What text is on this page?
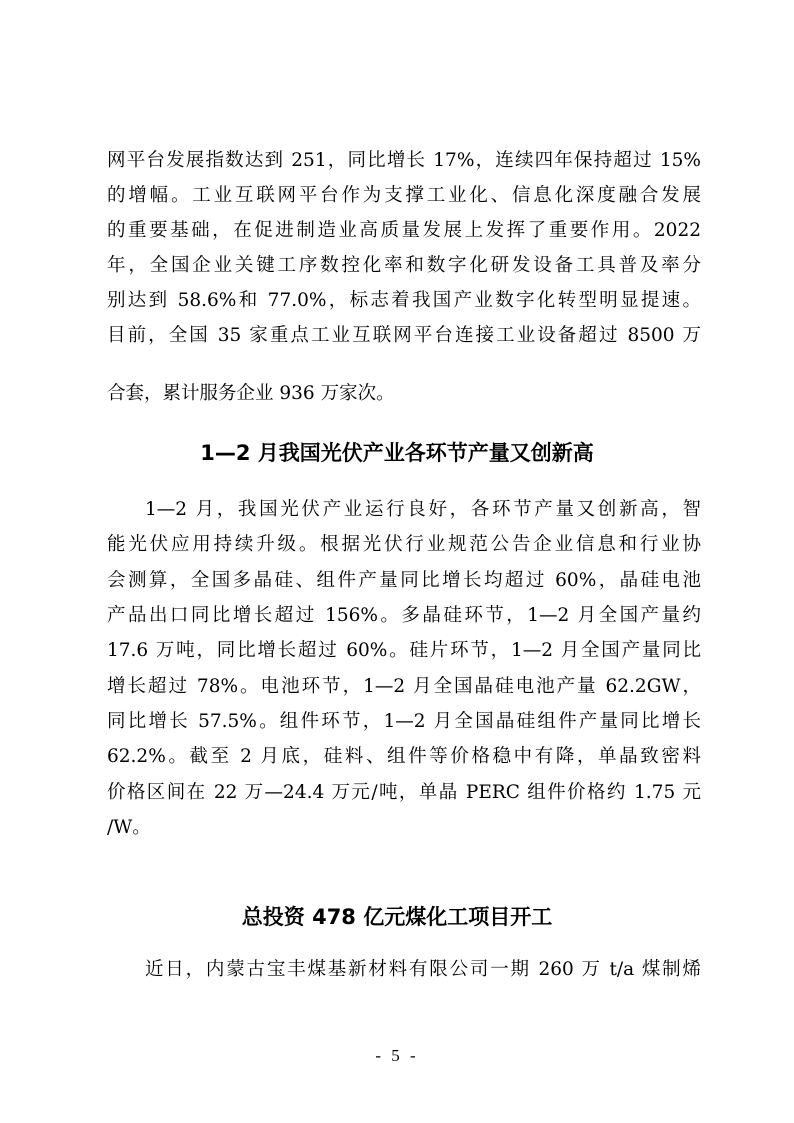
网平台发展指数达到 251，同比增长 17%，连续四年保持超过 15%
的增幅。工业互联网平台作为支撑工业化、信息化深度融合发展
的重要基础，在促进制造业高质量发展上发挥了重要作用。2022
年，全国企业关键工序数控化率和数字化研发设备工具普及率分
别达到 58.6%和 77.0%，标志着我国产业数字化转型明显提速。
目前，全国 35 家重点工业互联网平台连接工业设备超过 8500 万
合套，累计服务企业 936 万家次。
1—2 月我国光伏产业各环节产量又创新高
1—2 月，我国光伏产业运行良好，各环节产量又创新高，智
能光伏应用持续升级。根据光伏行业规范公告企业信息和行业协
会测算，全国多晶硅、组件产量同比增长均超过 60%，晶硅电池
产品出口同比增长超过 156%。多晶硅环节，1—2 月全国产量约
17.6 万吨，同比增长超过 60%。硅片环节，1—2 月全国产量同比
增长超过 78%。电池环节，1—2 月全国晶硅电池产量 62.2GW，
同比增长 57.5%。组件环节，1—2 月全国晶硅组件产量同比增长
62.2%。截至 2 月底，硅料、组件等价格稳中有降，单晶致密料
价格区间在 22 万—24.4 万元/吨，单晶 PERC 组件价格约 1.75 元
/W。
总投资 478 亿元煤化工项目开工
近日，内蒙古宝丰煤基新材料有限公司一期 260 万 t/a 煤制烯
- 5 -
